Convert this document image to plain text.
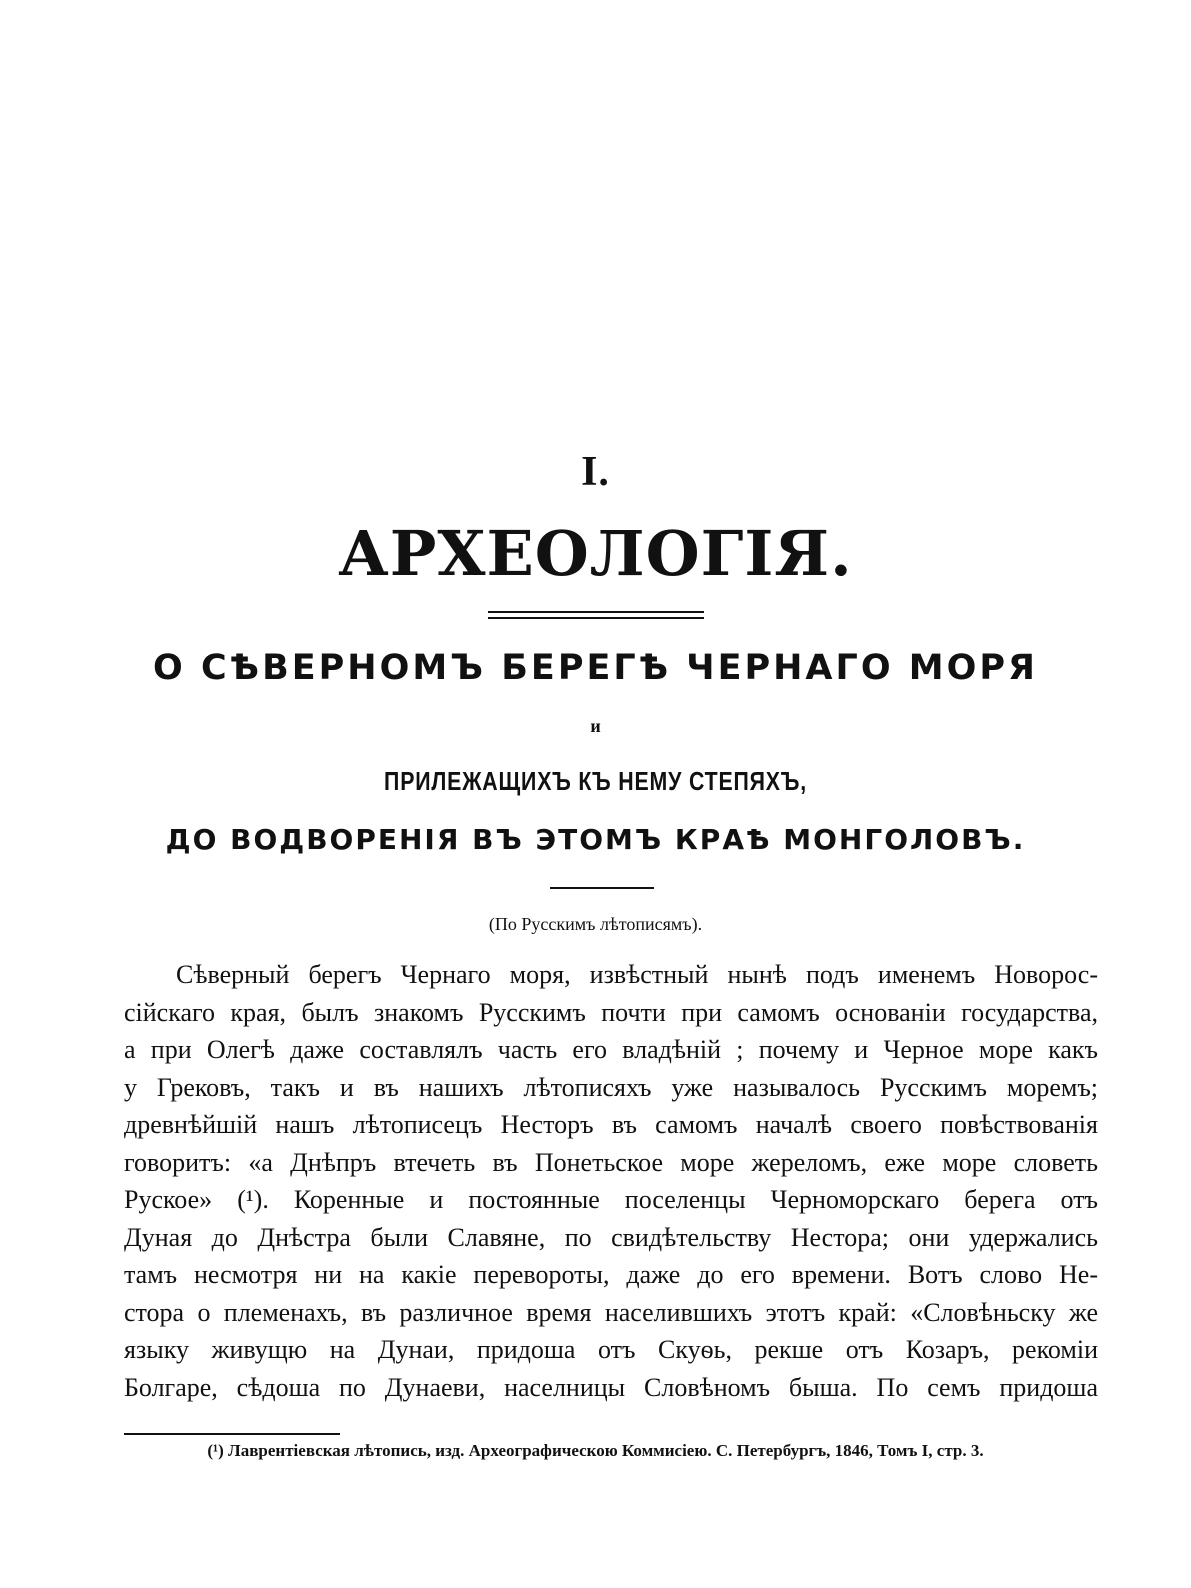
I.
АРХЕОЛОГІЯ.
О СѢВЕРНОМЪ БЕРЕГѢ ЧЕРНАГО МОРЯ
и
ПРИЛЕЖАЩИХЪ КЪ НЕМУ СТЕПЯХЪ,
ДО ВОДВОРЕНІЯ ВЪ ЭТОМЪ КРАѢ МОНГОЛОВЪ.
(По Русскимъ лѣтописямъ).
Сѣверный берегъ Чернаго моря, извѣстный нынѣ подъ именемъ Новорос-
сійскаго края, былъ знакомъ Русскимъ почти при самомъ основаніи государства,
а при Олегѣ даже составлялъ часть его владѣній ; почему и Черное море какъ
у Грековъ, такъ и въ нашихъ лѣтописяхъ уже называлось Русскимъ моремъ;
древнѣйшій нашъ лѣтописецъ Несторъ въ самомъ началѣ своего повѣствованія
говоритъ: «а Днѣпръ втечеть въ Понетьское море жереломъ, еже море словеть
Руское» (¹). Коренные и постоянные поселенцы Черноморскаго берега отъ
Дуная до Днѣстра были Славяне, по свидѣтельству Нестора; они удержались
тамъ несмотря ни на какіе перевороты, даже до его времени. Вотъ слово Не-
стора о племенахъ, въ различное время населившихъ этотъ край: «Словѣньску же
языку живущю на Дунаи, придоша отъ Скуѳь, рекше отъ Козаръ, рекоміи
Болгаре, сѣдоша по Дунаеви, населницы Словѣномъ быша. По семъ придоша
(¹) Лаврентіевская лѣтопись, изд. Археографическою Коммисіею. С. Петербургъ, 1846, Томъ I, стр. 3.
